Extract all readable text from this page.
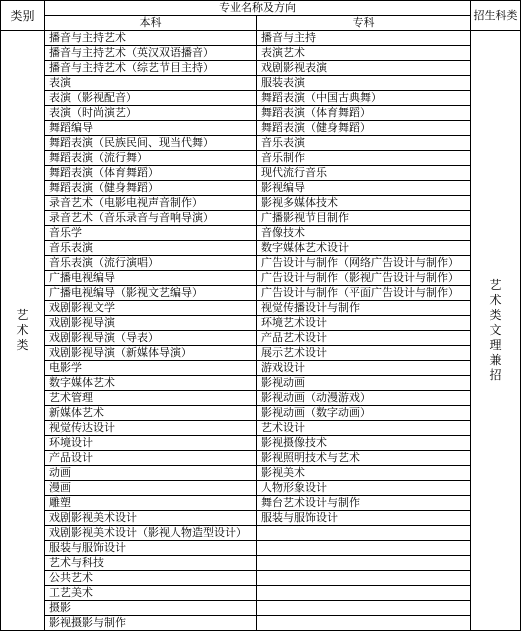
类别	专业名称及方向		招生科类
	本科	专科	
艺术类	播音与主持艺术	播音与主持	艺术类文理兼招
	播音与主持艺术（英汉双语播音）	表演艺术	
	播音与主持艺术（综艺节目主持）	戏剧影视表演	
	表演	服装表演	
	表演（影视配音）	舞蹈表演（中国古典舞）	
	表演（时尚演艺）	舞蹈表演（体育舞蹈）	
	舞蹈编导	舞蹈表演（健身舞蹈）	
	舞蹈表演（民族民间、现当代舞）	音乐表演	
	舞蹈表演（流行舞）	音乐制作	
	舞蹈表演（体育舞蹈）	现代流行音乐	
	舞蹈表演（健身舞蹈）	影视编导	
	录音艺术（电影电视声音制作）	影视多媒体技术	
	录音艺术（音乐录音与音响导演）	广播影视节目制作	
	音乐学	音像技术	
	音乐表演	数字媒体艺术设计	
	音乐表演（流行演唱）	广告设计与制作（网络广告设计与制作）	
	广播电视编导	广告设计与制作（影视广告设计与制作）	
	广播电视编导（影视文艺编导）	广告设计与制作（平面广告设计与制作）	
	戏剧影视文学	视觉传播设计与制作	
	戏剧影视导演	环境艺术设计	
	戏剧影视导演（导表）	产品艺术设计	
	戏剧影视导演（新媒体导演）	展示艺术设计	
	电影学	游戏设计	
	数字媒体艺术	影视动画	
	艺术管理	影视动画（动漫游戏）	
	新媒体艺术	影视动画（数字动画）	
	视觉传达设计	艺术设计	
	环境设计	影视摄像技术	
	产品设计	影视照明技术与艺术	
	动画	影视美术	
	漫画	人物形象设计	
	雕塑	舞台艺术设计与制作	
	戏剧影视美术设计	服装与服饰设计	
	戏剧影视美术设计（影视人物造型设计）		
	服装与服饰设计		
	艺术与科技		
	公共艺术		
	工艺美术		
	摄影		
	影视摄影与制作		
